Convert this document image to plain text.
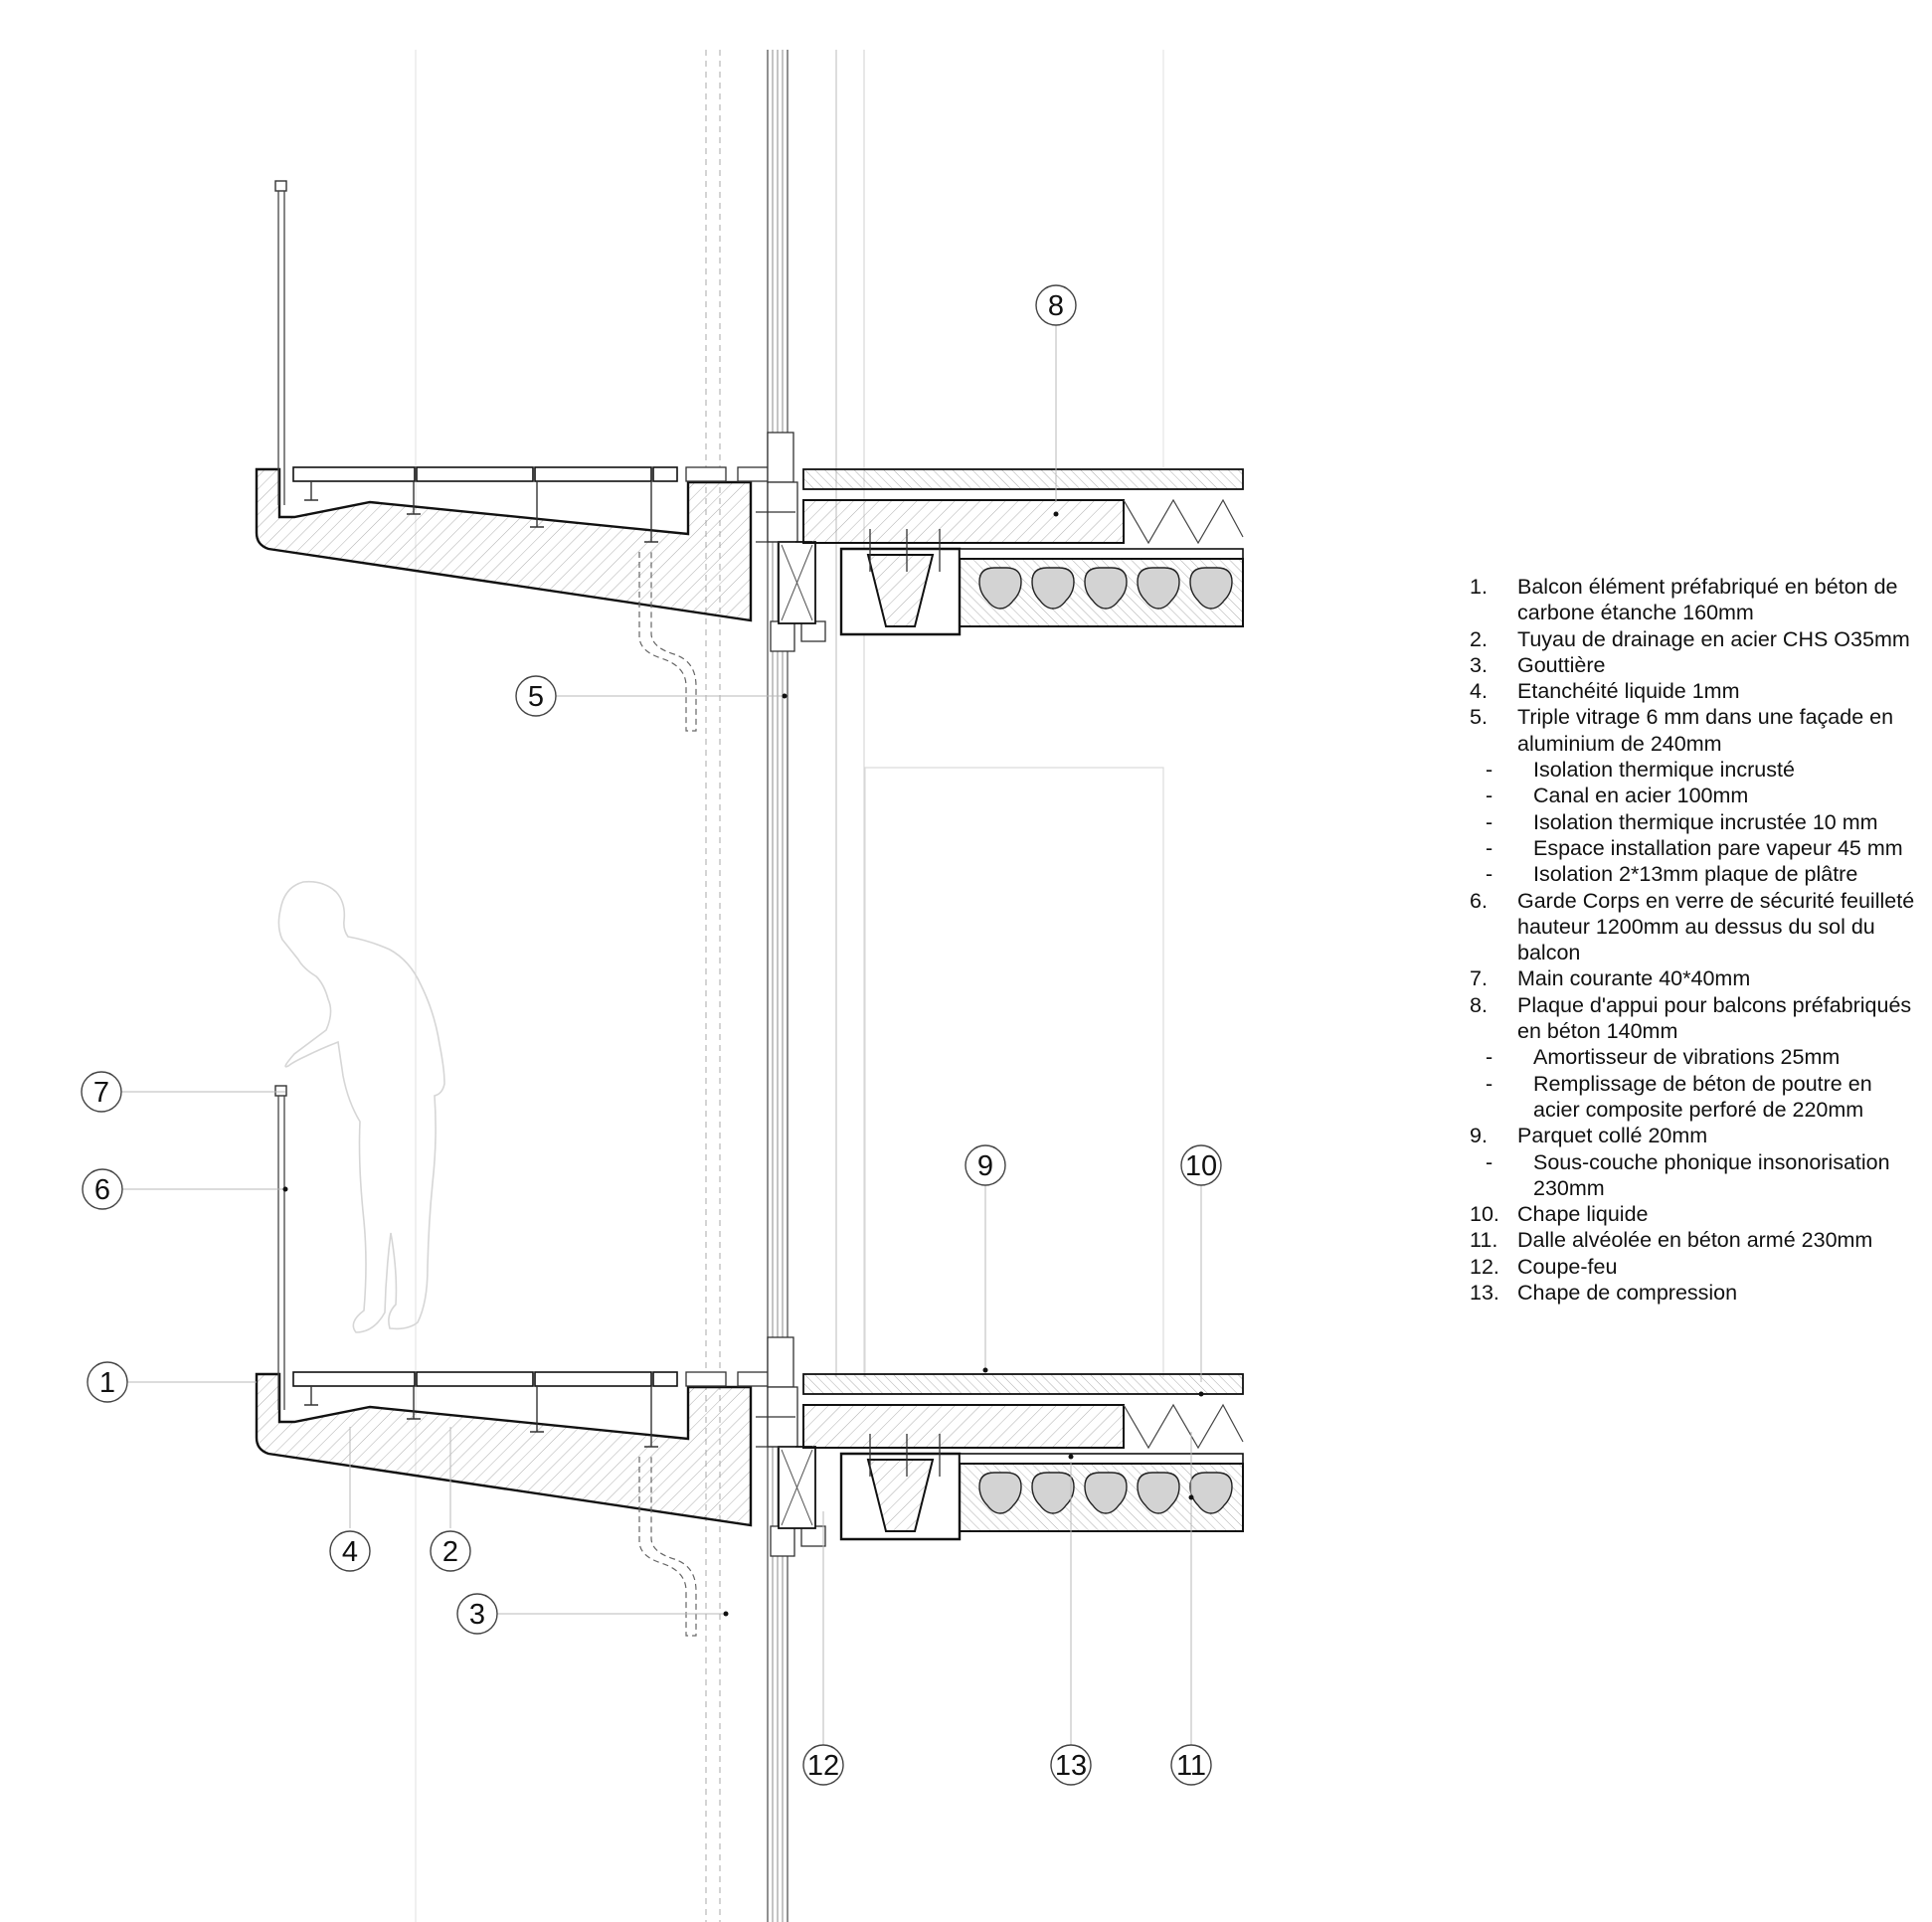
1
2
3
4
5
6
7
8
9	10
11
12	13
1. Balcon élément préfabriqué en béton de carbone étanche 160mm
2. Tuyau de drainage en acier CHS O35mm
3. Gouttière
4. Etanchéité liquide 1mm
5. Triple vitrage 6 mm dans une façade en aluminium de 240mm
- Isolation thermique incrusté
- Canal en acier 100mm
- Isolation thermique incrustée 10 mm
- Espace installation pare vapeur 45 mm
- Isolation 2*13mm plaque de plâtre
6. Garde Corps en verre de sécurité feuilleté hauteur 1200mm au dessus du sol du balcon
7. Main courante 40*40mm
8. Plaque d'appui pour balcons préfabriqués en béton 140mm
- Amortisseur de vibrations 25mm
- Remplissage de béton de poutre en acier composite perforé de 220mm
9. Parquet collé 20mm
- Sous-couche phonique insonorisation 230mm
10. Chape liquide
11. Dalle alvéolée en béton armé 230mm
12. Coupe-feu
13. Chape de compression
